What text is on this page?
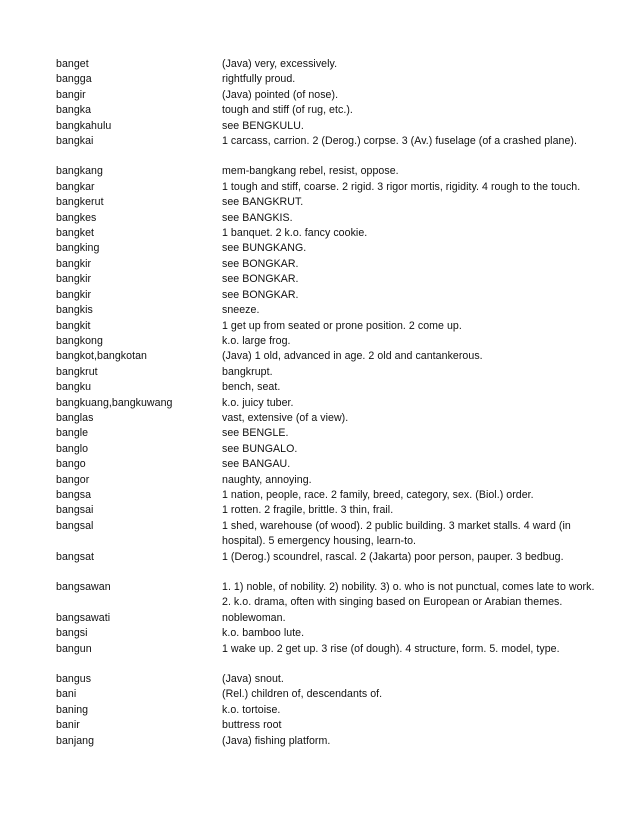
banget	(Java) very, excessively.
bangga	rightfully proud.
bangir	(Java) pointed (of nose).
bangka	tough and stiff (of rug, etc.).
bangkahulu	see BENGKULU.
bangkai	1 carcass, carrion. 2 (Derog.) corpse. 3 (Av.) fuselage (of a crashed plane).
bangkang	mem-bangkang rebel, resist, oppose.
bangkar	1 tough and stiff, coarse. 2 rigid. 3 rigor mortis, rigidity. 4 rough to the touch.
bangkerut	see BANGKRUT.
bangkes	see BANGKIS.
bangket	1 banquet. 2 k.o. fancy cookie.
bangking	see BUNGKANG.
bangkir	see BONGKAR.
bangkir	see BONGKAR.
bangkir	see BONGKAR.
bangkis	sneeze.
bangkit	1 get up from seated or prone position. 2 come up.
bangkong	k.o. large frog.
bangkot,bangkotan	(Java) 1 old, advanced in age. 2 old and cantankerous.
bangkrut	bangkrupt.
bangku	bench, seat.
bangkuang,bangkuwang	k.o. juicy tuber.
banglas	vast, extensive (of a view).
bangle	see BENGLE.
banglo	see BUNGALO.
bango	see BANGAU.
bangor	naughty, annoying.
bangsa	1 nation, people, race. 2 family, breed, category, sex. (Biol.) order.
bangsai	1 rotten. 2 fragile, brittle. 3 thin, frail.
bangsal	1 shed, warehouse (of wood). 2 public building. 3 market stalls. 4 ward (in hospital). 5 emergency housing, learn-to.
bangsat	1 (Derog.) scoundrel, rascal. 2 (Jakarta) poor person, pauper. 3 bedbug.
bangsawan	1. 1) noble, of nobility. 2) nobility. 3) o. who is not punctual, comes late to work. 2. k.o. drama, often with singing based on European or Arabian themes.
bangsawati	noblewoman.
bangsi	k.o. bamboo lute.
bangun	1 wake up. 2 get up. 3 rise (of dough). 4 structure, form. 5. model, type.
bangus	(Java) snout.
bani	(Rel.) children of, descendants of.
baning	k.o. tortoise.
banir	buttress root
banjang	(Java) fishing platform.
